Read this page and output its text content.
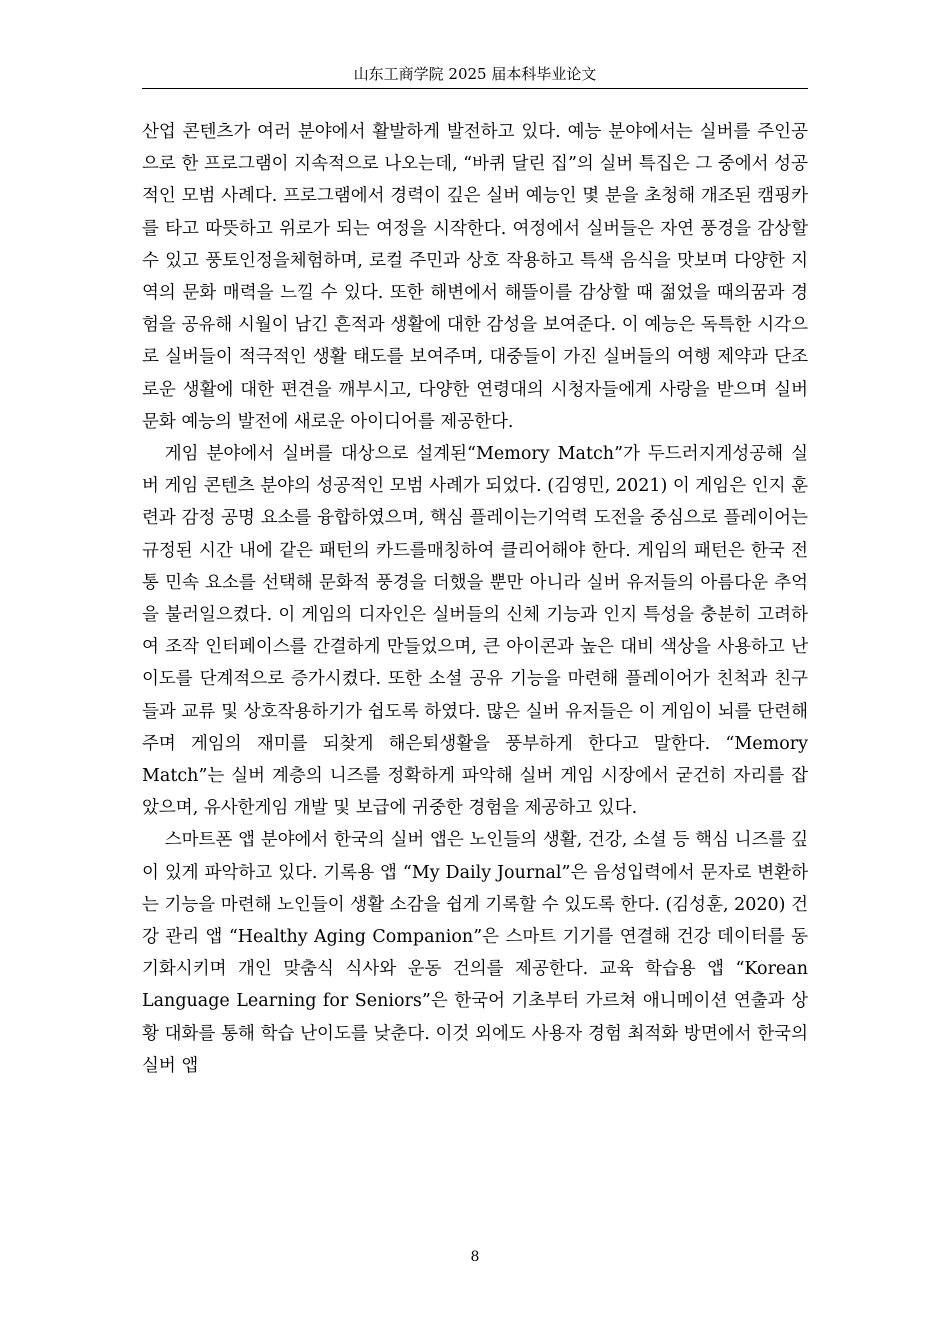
山东工商学院 2025 届本科毕业论文

산업 콘텐츠가 여러 분야에서 활발하게 발전하고 있다. 예능 분야에서는 실버를 주인공으로 한 프로그램이 지속적으로 나오는데, “바퀴 달린 집”의 실버 특집은 그 중에서 성공적인 모범 사례다. 프로그램에서 경력이 깊은 실버 예능인 몇 분을 초청해 개조된 캠핑카를 타고 따뜻하고 위로가 되는 여정을 시작한다. 여정에서 실버들은 자연 풍경을 감상할 수 있고 풍토인정을체험하며, 로컬 주민과 상호 작용하고 특색 음식을 맛보며 다양한 지역의 문화 매력을 느낄 수 있다. 또한 해변에서 해뜰이를 감상할 때 젊었을 때의꿈과 경험을 공유해 시월이 남긴 흔적과 생활에 대한 감성을 보여준다. 이 예능은 독특한 시각으로 실버들이 적극적인 생활 태도를 보여주며, 대중들이 가진 실버들의 여행 제약과 단조로운 생활에 대한 편견을 깨부시고, 다양한 연령대의 시청자들에게 사랑을 받으며 실버 문화 예능의 발전에 새로운 아이디어를 제공한다.

게임 분야에서 실버를 대상으로 설계된“Memory Match”가 두드러지게성공해 실버 게임 콘텐츠 분야의 성공적인 모범 사례가 되었다. (김영민, 2021) 이 게임은 인지 훈련과 감정 공명 요소를 융합하였으며, 핵심 플레이는기억력 도전을 중심으로 플레이어는 규정된 시간 내에 같은 패턴의 카드를매칭하여 클리어해야 한다. 게임의 패턴은 한국 전통 민속 요소를 선택해 문화적 풍경을 더했을 뿐만 아니라 실버 유저들의 아름다운 추억을 불러일으켰다. 이 게임의 디자인은 실버들의 신체 기능과 인지 특성을 충분히 고려하여 조작 인터페이스를 간결하게 만들었으며, 큰 아이콘과 높은 대비 색상을 사용하고 난이도를 단계적으로 증가시켰다. 또한 소셜 공유 기능을 마련해 플레이어가 친척과 친구들과 교류 및 상호작용하기가 쉽도록 하였다. 많은 실버 유저들은 이 게임이 뇌를 단련해 주며 게임의 재미를 되찾게 해은퇴생활을 풍부하게 한다고 말한다. “Memory Match”는 실버 계층의 니즈를 정확하게 파악해 실버 게임 시장에서 굳건히 자리를 잡았으며, 유사한게임 개발 및 보급에 귀중한 경험을 제공하고 있다.

스마트폰 앱 분야에서 한국의 실버 앱은 노인들의 생활, 건강, 소셜 등 핵심 니즈를 깊이 있게 파악하고 있다. 기록용 앱 “My Daily Journal”은 음성입력에서 문자로 변환하는 기능을 마련해 노인들이 생활 소감을 쉽게 기록할 수 있도록 한다. (김성훈, 2020) 건강 관리 앱 “Healthy Aging Companion”은 스마트 기기를 연결해 건강 데이터를 동기화시키며 개인 맞춤식 식사와 운동 건의를 제공한다. 교육 학습용 앱 “Korean Language Learning for Seniors”은 한국어 기초부터 가르쳐 애니메이션 연출과 상황 대화를 통해 학습 난이도를 낮춘다. 이것 외에도 사용자 경험 최적화 방면에서 한국의 실버 앱

8
